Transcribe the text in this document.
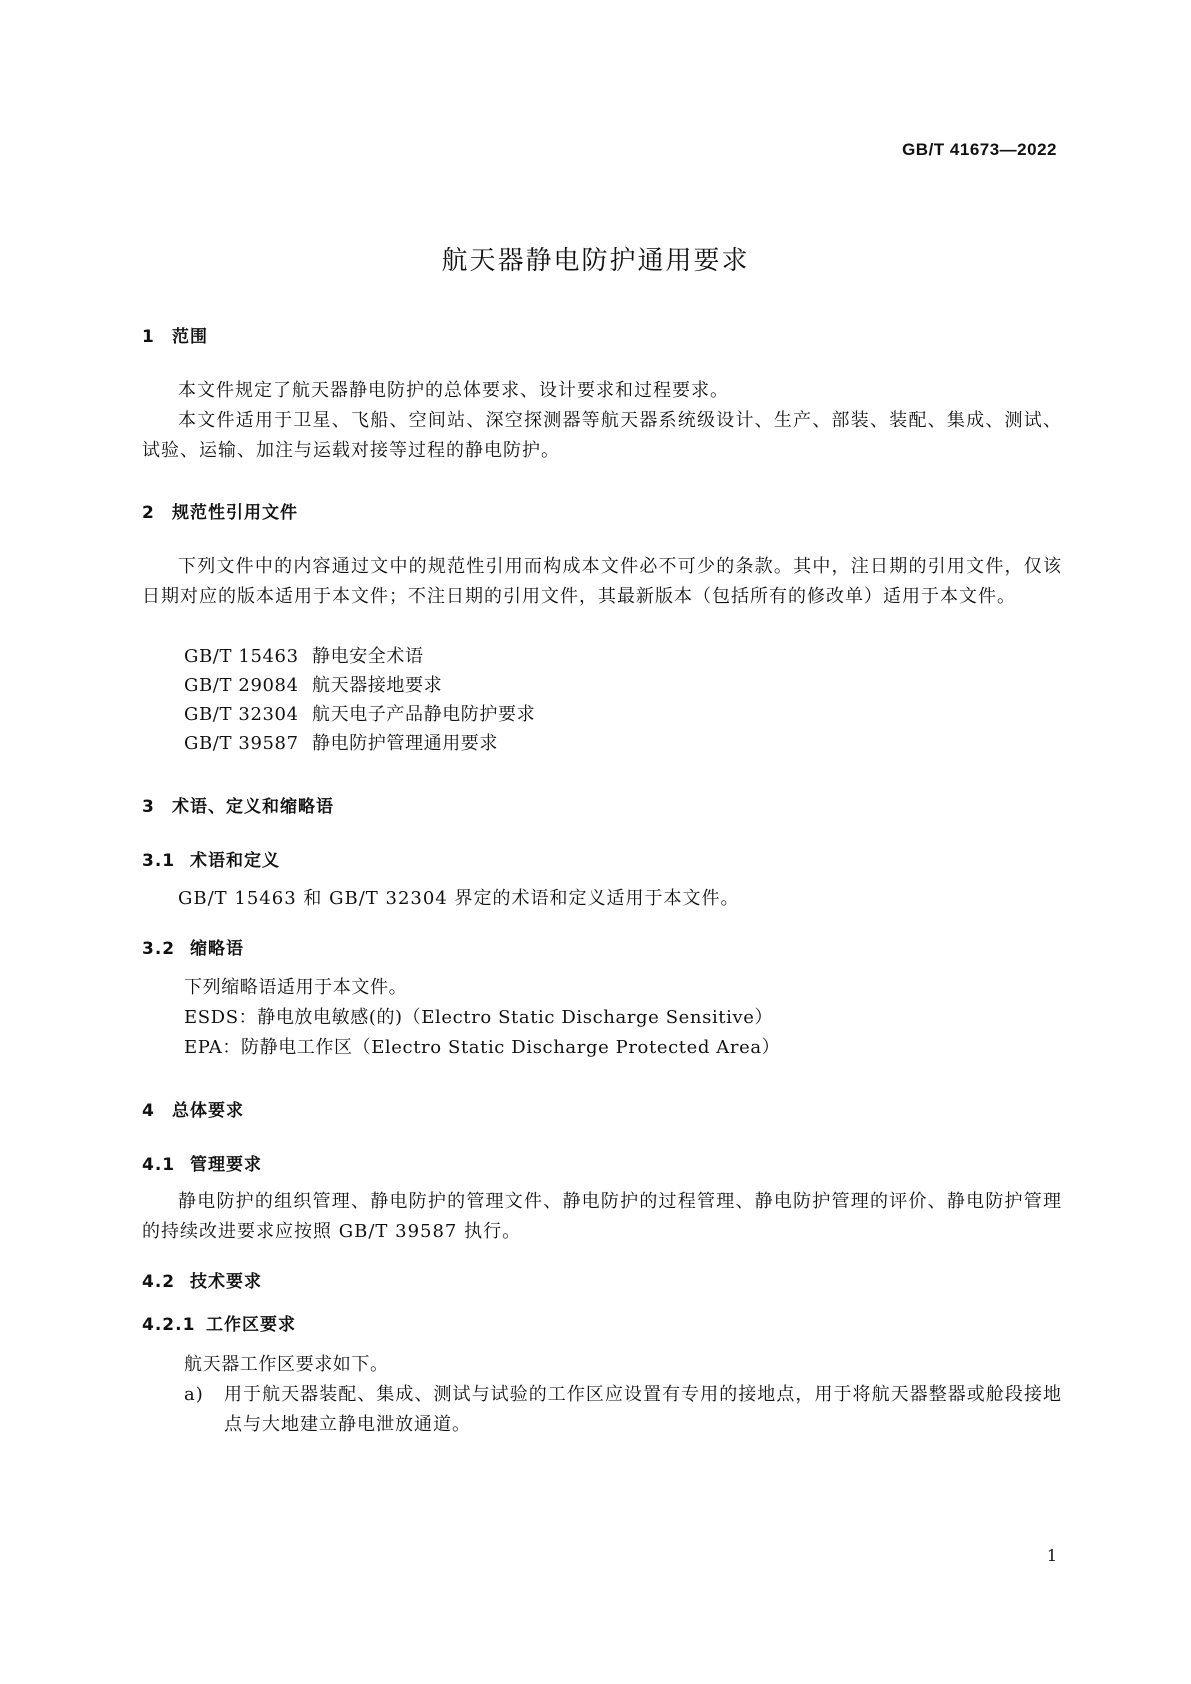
GB/T 41673—2022
航天器静电防护通用要求
1 范围

本文件规定了航天器静电防护的总体要求、设计要求和过程要求。

本文件适用于卫星、飞船、空间站、深空探测器等航天器系统级设计、生产、部装、装配、集成、测试、试验、运输、加注与运载对接等过程的静电防护。

2 规范性引用文件

下列文件中的内容通过文中的规范性引用而构成本文件必不可少的条款。其中，注日期的引用文件，仅该日期对应的版本适用于本文件；不注日期的引用文件，其最新版本（包括所有的修改单）适用于本文件。

GB/T 15463 静电安全术语
GB/T 29084 航天器接地要求
GB/T 32304 航天电子产品静电防护要求
GB/T 39587 静电防护管理通用要求
3 术语、定义和缩略语
3.1 术语和定义

GB/T 15463 和 GB/T 32304 界定的术语和定义适用于本文件。

3.2 缩略语
下列缩略语适用于本文件。
ESDS：静电放电敏感(的)（Electro Static Discharge Sensitive）
EPA：防静电工作区（Electro Static Discharge Protected Area）
4 总体要求
4.1 管理要求

静电防护的组织管理、静电防护的管理文件、静电防护的过程管理、静电防护管理的评价、静电防护管理的持续改进要求应按照 GB/T 39587 执行。

4.2 技术要求
4.2.1 工作区要求
航天器工作区要求如下。
a) 用于航天器装配、集成、测试与试验的工作区应设置有专用的接地点，用于将航天器整器或舱段接地点与大地建立静电泄放通道。
1
